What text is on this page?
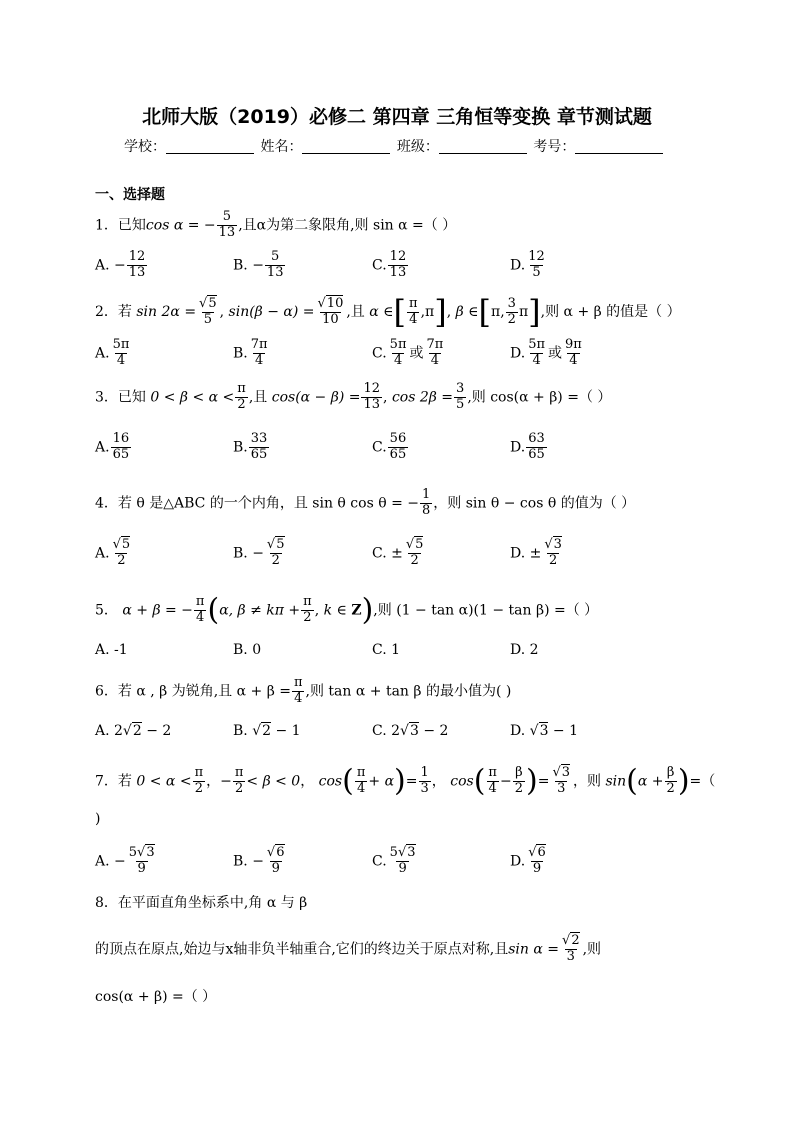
北师大版（2019）必修二 第四章 三角恒等变换 章节测试题
学校：	姓名：	班级：	考号：
一、选择题
1．已知cos α = − $\frac{5}{13}$ ,且α为第二象限角,则 sin α =（ ）
A. − $\frac{12}{13}$	B. − $\frac{5}{13}$	C. $\frac{12}{13}$	D. $\frac{12}{5}$
2．若 $\sin 2\alpha = \frac{√5}{5}$ , $\sin(\beta - \alpha) = \frac{√10}{10}$ ,且 α ∈[ $\frac{\pi}{4} ,\pi$], β ∈[π, $\frac{3}{2} \pi$],则 α + β 的值是（ ）
A. $\frac{5\pi}{4}$	B. $\frac{7\pi}{4}$	C. $\frac{5\pi}{4}$ 或 $\frac{7\pi}{4}$	D. $\frac{5\pi}{4}$ 或 $\frac{9\pi}{4}$
3．已知 $0 < \beta < \alpha < \frac{\pi}{2}$ ,且 $\cos(\alpha - \beta) = \frac{12}{13}$ , $\cos 2\beta = \frac{3}{5}$ ,则 cos(α + β) =（ ）
A. $\frac{16}{65}$	B. $\frac{33}{65}$	C. $\frac{56}{65}$	D. $\frac{63}{65}$
4．若 θ 是△ABC 的一个内角，且 sin θ cos θ = − $\frac{1}{8}$ ，则 sin θ − cos θ 的值为（ ）
A. $\frac{√5}{2}$	B. − $\frac{√5}{2}$	C. ± $\frac{√5}{2}$	D. ± $\frac{√3}{2}$
5． α + β = − $\frac{\pi}{4} (\alpha$, $\beta \ne k\pi + \frac{\pi}{2}$ , k ∈ Z),则 (1 − tan α)(1 − tan β) =（ ）
A. -1	B. 0	C. 1	D. 2
6．若 α , β 为锐角,且 $\alpha + \beta = \frac{\pi}{4}$ ,则 tan α + tan β 的最小值为( )
A. 2√2 − 2	B. √2 − 1	C. 2√3 − 2	D. √3 − 1
7．若 $0 < \alpha < \frac{\pi}{2}$ ，− $\frac{\pi}{2} < \beta < 0$， $\cos( \frac{\pi}{4} + \alpha)= \frac{1}{3}$ ， $\cos( \frac{\pi}{4} - \frac{\beta}{2}$ )= $\frac{√3}{3}$ ，则 $\sin(\alpha + \frac{\beta}{2}$ )=（
)
A. − $\frac{5√3}{9}$	B. − $\frac{√6}{9}$	C. $\frac{5√3}{9}$	D. $\frac{√6}{9}$
8．在平面直角坐标系中,角 α 与 β
的顶点在原点,始边与x轴非负半轴重合,它们的终边关于原点对称,且$\sin \alpha = \frac{√2}{3}$ ,则
cos(α + β) =（ ）
